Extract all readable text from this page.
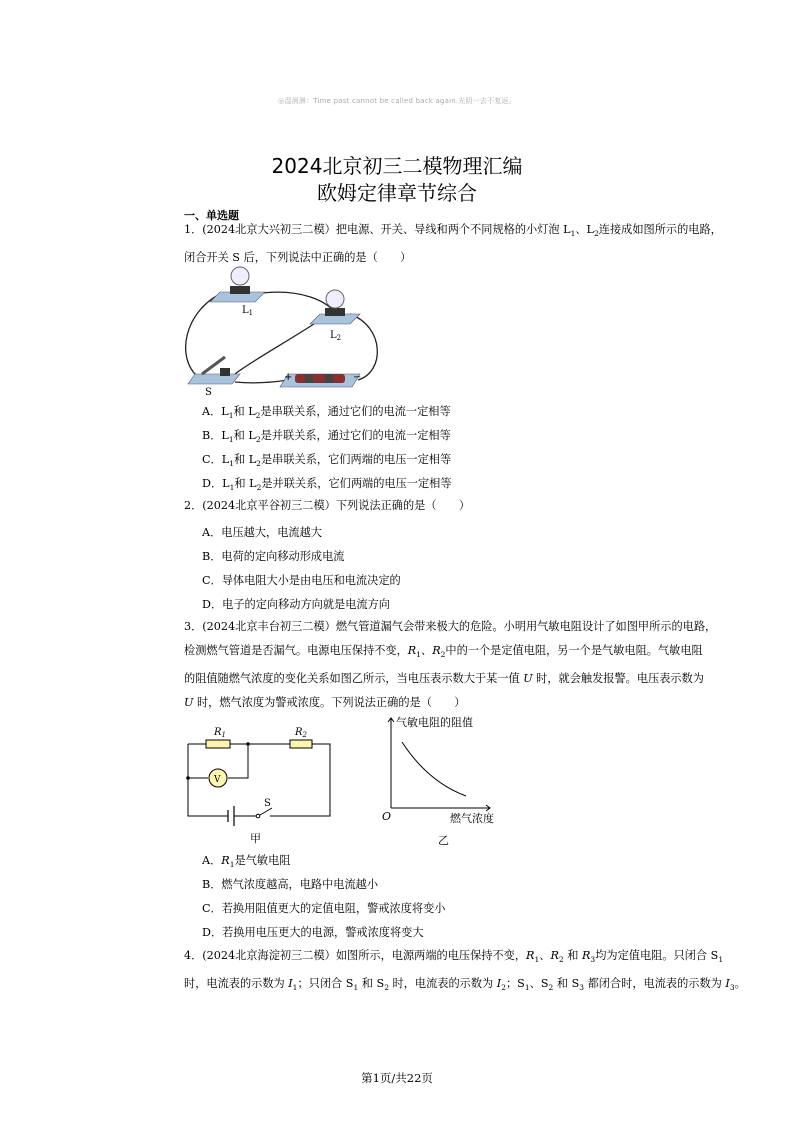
◎湿润淋：Time past cannot be called back again.光阴一去不复返。
2024北京初三二模物理汇编
欧姆定律章节综合
一、单选题

1．(2024北京大兴初三二模）把电源、开关、导线和两个不同规格的小灯泡 $L_1$、$L_2$连接成如图所示的电路，

闭合开关 S 后，下列说法中正确的是（　　）

$L_1$
$L_2$
S
+	−
A．$L_1$和 $L_2$是串联关系，通过它们的电流一定相等
B．$L_1$和 $L_2$是并联关系，通过它们的电流一定相等
C．$L_1$和 $L_2$是串联关系，它们两端的电压一定相等
D．$L_1$和 $L_2$是并联关系，它们两端的电压一定相等

2．(2024北京平谷初三二模）下列说法正确的是（　　）

A．电压越大，电流越大
B．电荷的定向移动形成电流
C．导体电阻大小是由电压和电流决定的
D．电子的定向移动方向就是电流方向

3．(2024北京丰台初三二模）燃气管道漏气会带来极大的危险。小明用气敏电阻设计了如图甲所示的电路，

检测燃气管道是否漏气。电源电压保持不变，$R_1$、$R_2$中的一个是定值电阻，另一个是气敏电阻。气敏电阻

的阻值随燃气浓度的变化关系如图乙所示，当电压表示数大于某一值 U 时，就会触发报警。电压表示数为

U 时，燃气浓度为警戒浓度。下列说法正确的是（　　）

$R_1$	$R_2$
V
S
甲
气敏电阻的阻值
燃气浓度
O
乙
A．$R_1$是气敏电阻
B．燃气浓度越高，电路中电流越小
C．若换用阻值更大的定值电阻，警戒浓度将变小
D．若换用电压更大的电源，警戒浓度将变大

4．(2024北京海淀初三二模）如图所示，电源两端的电压保持不变，$R_1$、$R_2$ 和 $R_3$均为定值电阻。只闭合 $S_1$

时，电流表的示数为 $I_1$；只闭合 $S_1$ 和 $S_2$ 时，电流表的示数为 $I_2$；$S_1$、$S_2$ 和 $S_3$ 都闭合时，电流表的示数为 $I_3$。

第1页/共22页
